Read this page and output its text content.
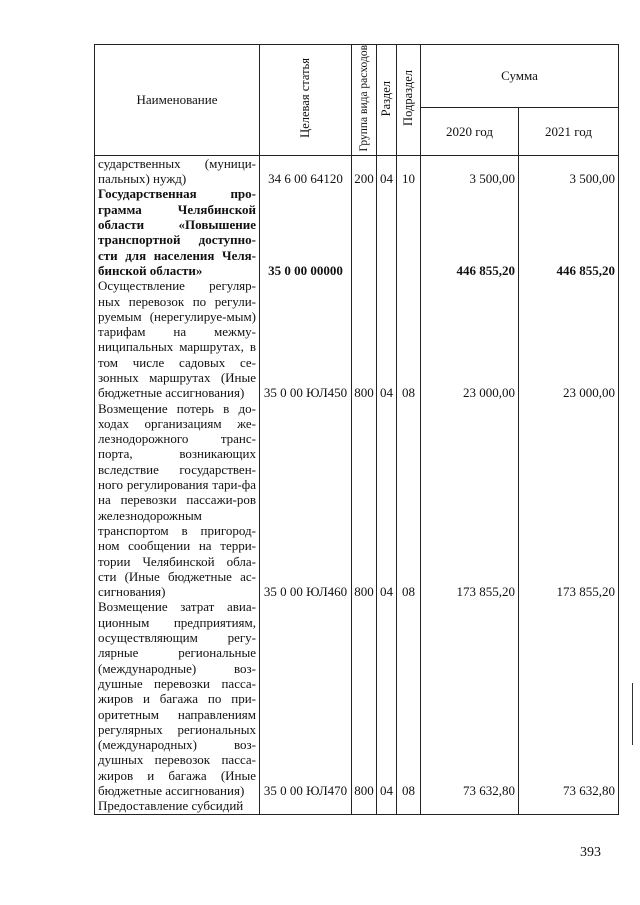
Наименование	Целевая статья	Группа вида расходов	Раздел	Подраздел	Сумма	
					2020 год	2021 год
сударственных (муници-пальных) нужд)	34 6 00 64120	200	04	10	3 500,00	3 500,00
Государственная про-грамма Челябинской области «Повышение транспортной доступно-сти для населения Челя-бинской области»	35 0 00 00000				446 855,20	446 855,20
Осуществление регуляр-ных перевозок по регули-руемым (нерегулируе-мым) тарифам на межму-ниципальных маршрутах, в том числе садовых се-зонных маршрутах (Иные бюджетные ассигнования)	35 0 00 ЮЛ450	800	04	08	23 000,00	23 000,00
Возмещение потерь в до-ходах организациям же-лезнодорожного транс-порта, возникающих вследствие государствен-ного регулирования тари-фа на перевозки пассажи-ров железнодорожным транспортом в пригород-ном сообщении на терри-тории Челябинской обла-сти (Иные бюджетные ас-сигнования)	35 0 00 ЮЛ460	800	04	08	173 855,20	173 855,20
Возмещение затрат авиа-ционным предприятиям, осуществляющим регу-лярные региональные (международные) воз-душные перевозки пасса-жиров и багажа по при-оритетным направлениям регулярных региональных (международных) воз-душных перевозок пасса-жиров и багажа (Иные бюджетные ассигнования)	35 0 00 ЮЛ470	800	04	08	73 632,80	73 632,80
Предоставление субсидий						
393
